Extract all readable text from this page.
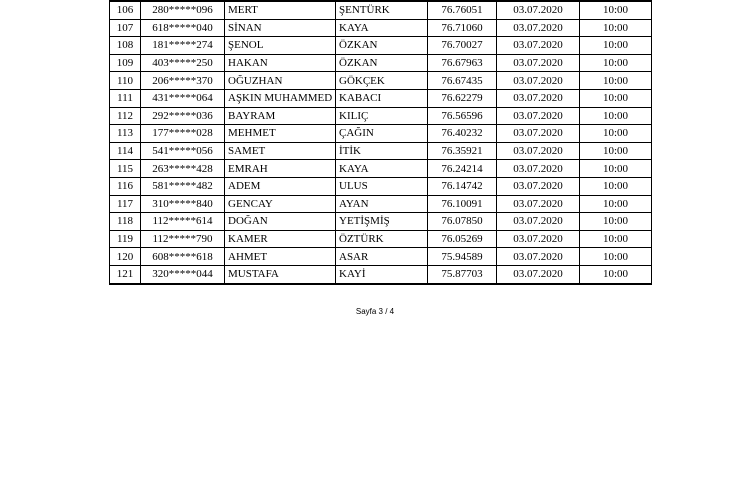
106	280*****096	MERT	ŞENTÜRK	76.76051	03.07.2020	10:00
107	618*****040	SİNAN	KAYA	76.71060	03.07.2020	10:00
108	181*****274	ŞENOL	ÖZKAN	76.70027	03.07.2020	10:00
109	403*****250	HAKAN	ÖZKAN	76.67963	03.07.2020	10:00
110	206*****370	OĞUZHAN	GÖKÇEK	76.67435	03.07.2020	10:00
111	431*****064	AŞKIN MUHAMMED	KABACI	76.62279	03.07.2020	10:00
112	292*****036	BAYRAM	KILIÇ	76.56596	03.07.2020	10:00
113	177*****028	MEHMET	ÇAĞIN	76.40232	03.07.2020	10:00
114	541*****056	SAMET	İTİK	76.35921	03.07.2020	10:00
115	263*****428	EMRAH	KAYA	76.24214	03.07.2020	10:00
116	581*****482	ADEM	ULUS	76.14742	03.07.2020	10:00
117	310*****840	GENCAY	AYAN	76.10091	03.07.2020	10:00
118	112*****614	DOĞAN	YETİŞMİŞ	76.07850	03.07.2020	10:00
119	112*****790	KAMER	ÖZTÜRK	76.05269	03.07.2020	10:00
120	608*****618	AHMET	ASAR	75.94589	03.07.2020	10:00
121	320*****044	MUSTAFA	KAYİ	75.87703	03.07.2020	10:00
Sayfa 3 / 4
